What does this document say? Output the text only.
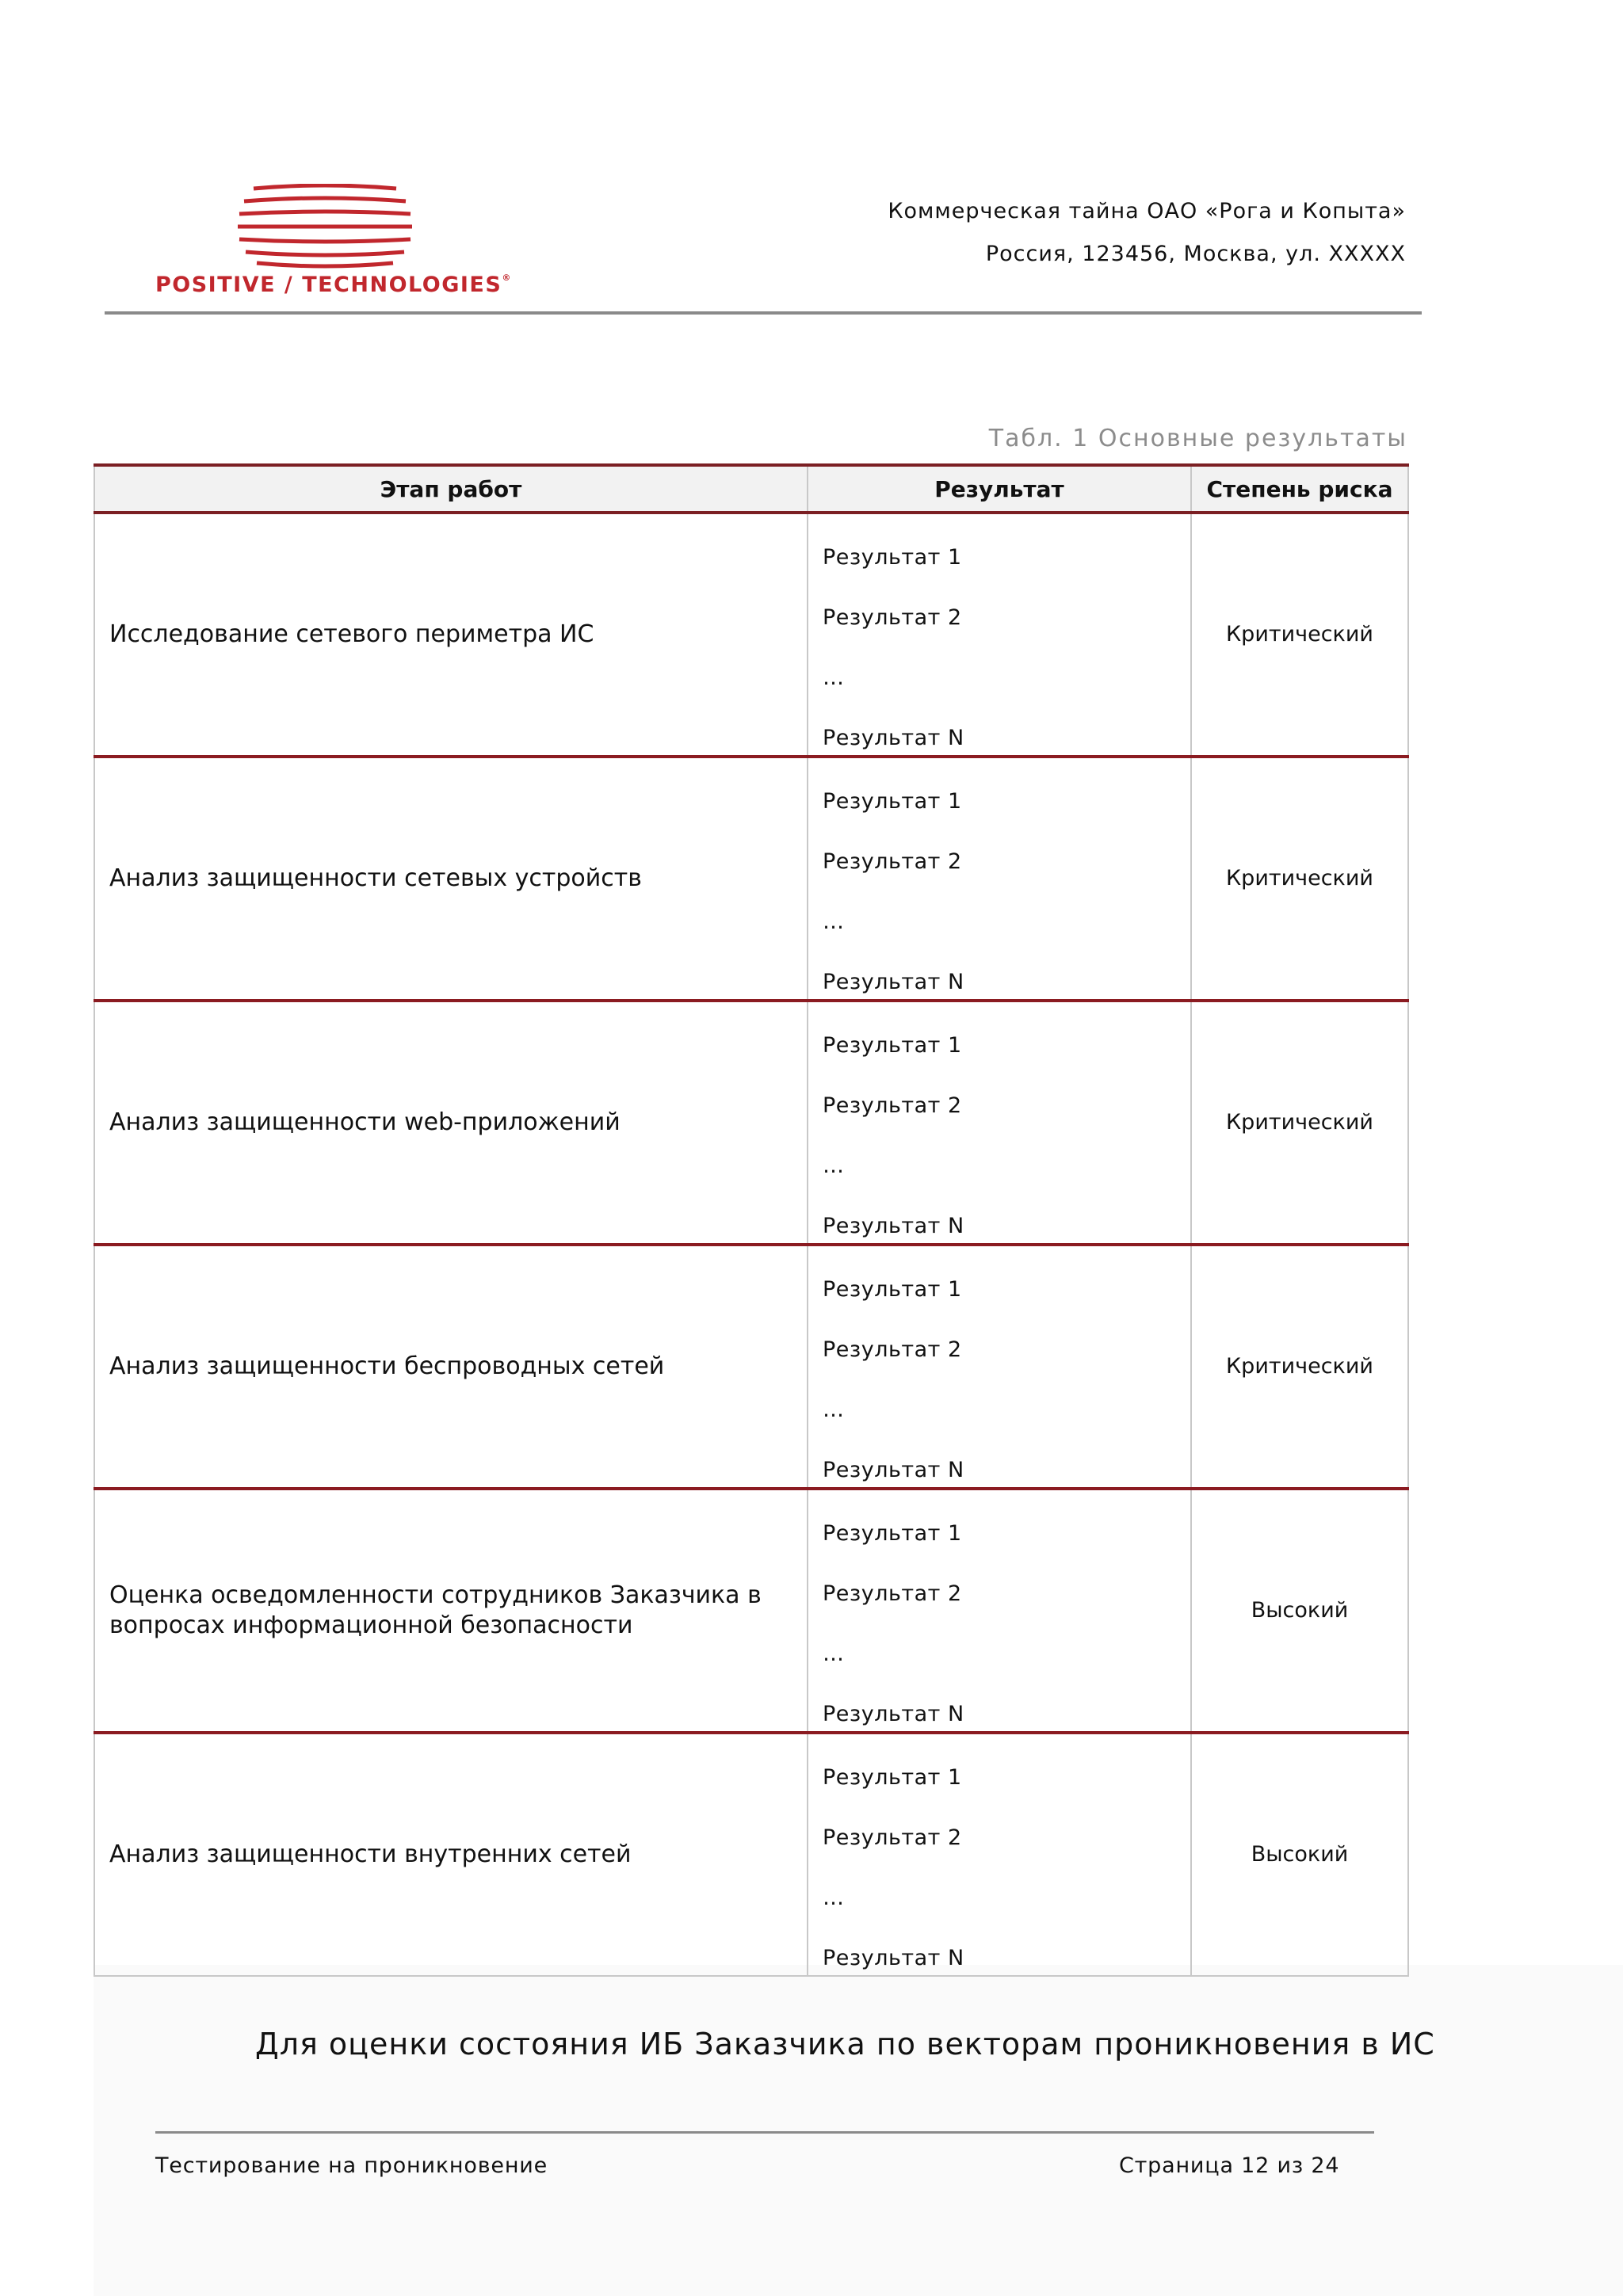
POSITIVE / TECHNOLOGIES®
Коммерческая тайна ОАО «Рога и Копыта»
Россия, 123456, Москва, ул. XXXXX
Табл. 1 Основные результаты
Этап работ	Результат	Степень риска
Исследование сетевого периметра ИС	Результат 1
Результат 2
…
Результат N	Критический
Анализ защищенности сетевых устройств	Результат 1
Результат 2
…
Результат N	Критический
Анализ защищенности web-приложений	Результат 1
Результат 2
…
Результат N	Критический
Анализ защищенности беспроводных сетей	Результат 1
Результат 2
…
Результат N	Критический
Оценка осведомленности сотрудников Заказчика в вопросах информационной безопасности	Результат 1
Результат 2
…
Результат N	Высокий
Анализ защищенности внутренних сетей	Результат 1
Результат 2
…
Результат N	Высокий
Для оценки состояния ИБ Заказчика по векторам проникновения в ИС
Тестирование на проникновение	Страница 12 из 24
